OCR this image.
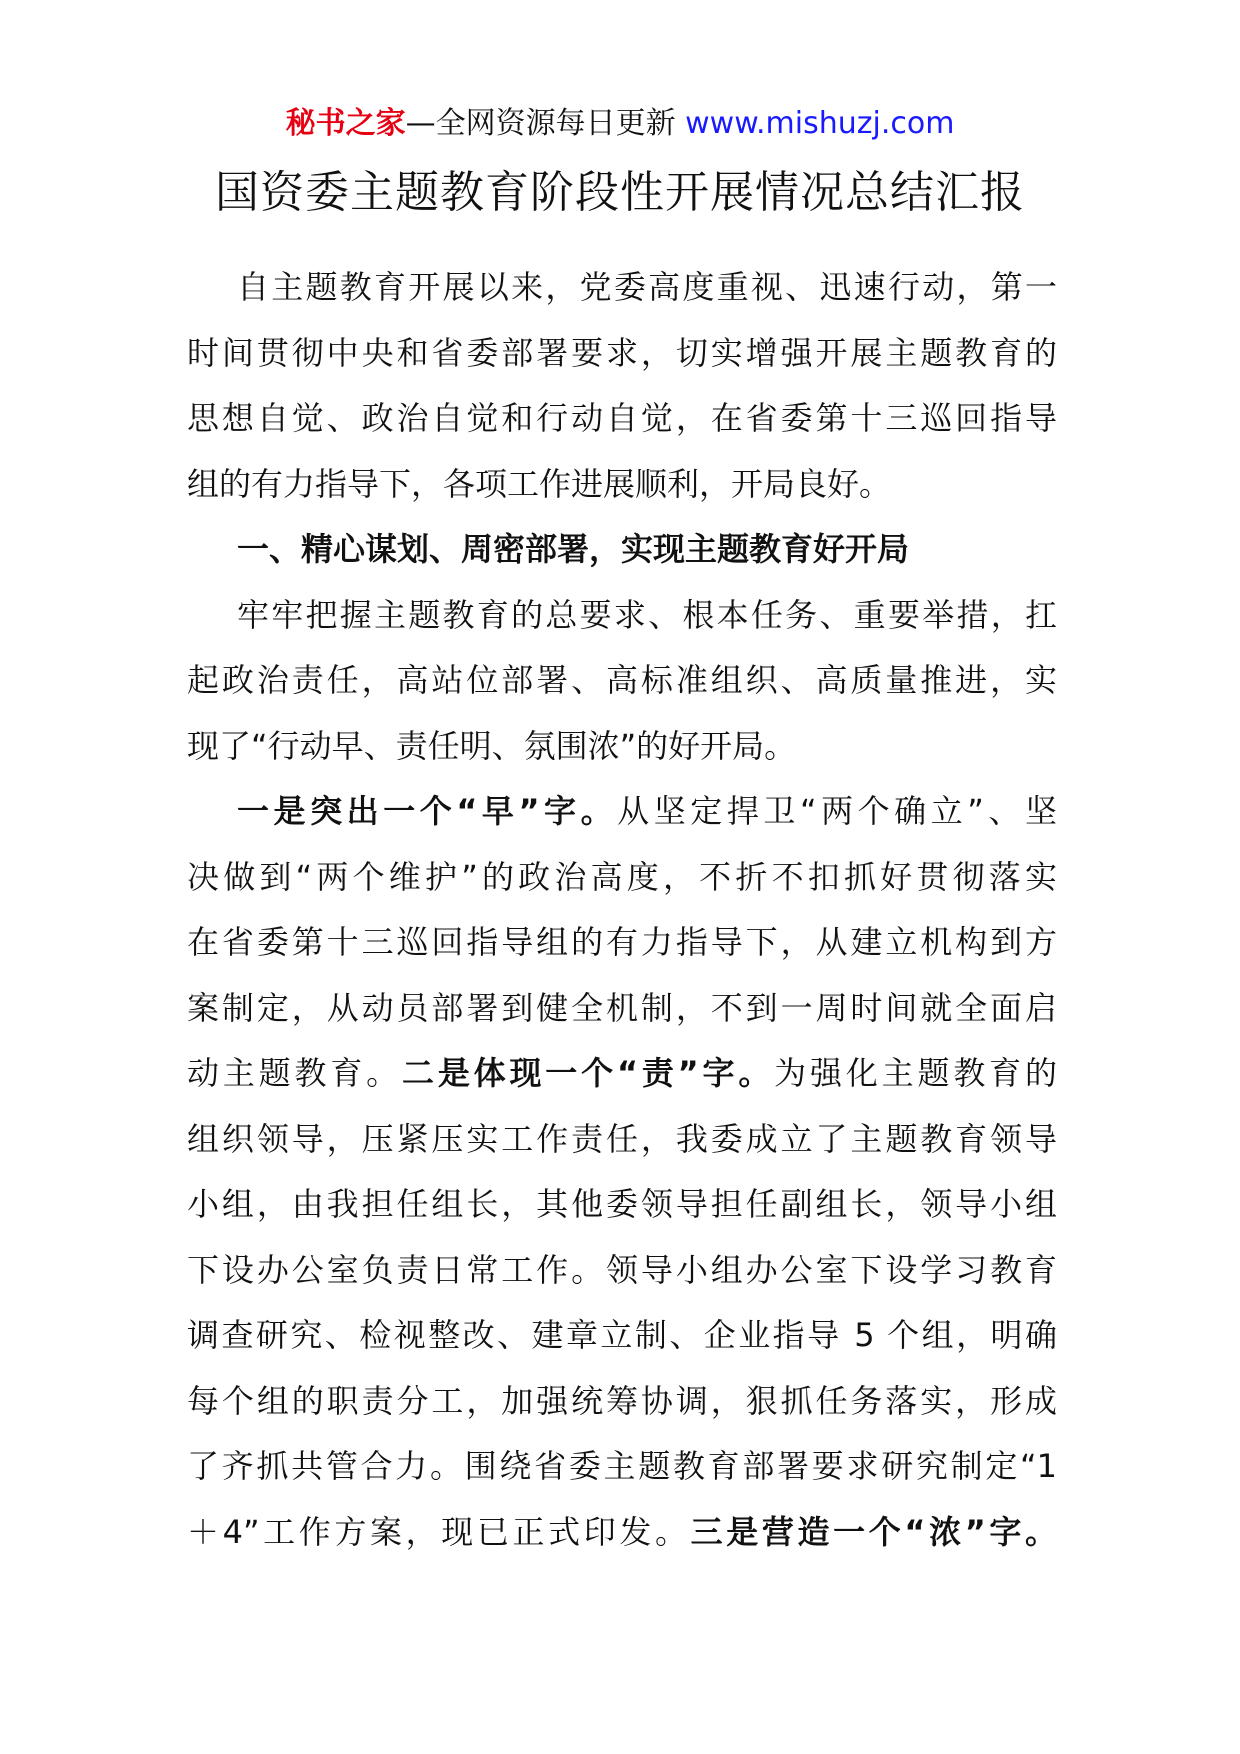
秘书之家—全网资源每日更新 www.mishuzj.com
国资委主题教育阶段性开展情况总结汇报
自主题教育开展以来，党委高度重视、迅速行动，第一
时间贯彻中央和省委部署要求，切实增强开展主题教育的
思想自觉、政治自觉和行动自觉，在省委第十三巡回指导
组的有力指导下，各项工作进展顺利，开局良好。
一、精心谋划、周密部署，实现主题教育好开局
牢牢把握主题教育的总要求、根本任务、重要举措，扛
起政治责任，高站位部署、高标准组织、高质量推进，实
现了“行动早、责任明、氛围浓”的好开局。
一是突出一个“早”字。从坚定捍卫“两个确立”、坚
决做到“两个维护”的政治高度，不折不扣抓好贯彻落实
在省委第十三巡回指导组的有力指导下，从建立机构到方
案制定，从动员部署到健全机制，不到一周时间就全面启
动主题教育。二是体现一个“责”字。为强化主题教育的
组织领导，压紧压实工作责任，我委成立了主题教育领导
小组，由我担任组长，其他委领导担任副组长，领导小组
下设办公室负责日常工作。领导小组办公室下设学习教育
调查研究、检视整改、建章立制、企业指导 5 个组，明确
每个组的职责分工，加强统筹协调，狠抓任务落实，形成
了齐抓共管合力。围绕省委主题教育部署要求研究制定“1
＋4”工作方案，现已正式印发。三是营造一个“浓”字。
